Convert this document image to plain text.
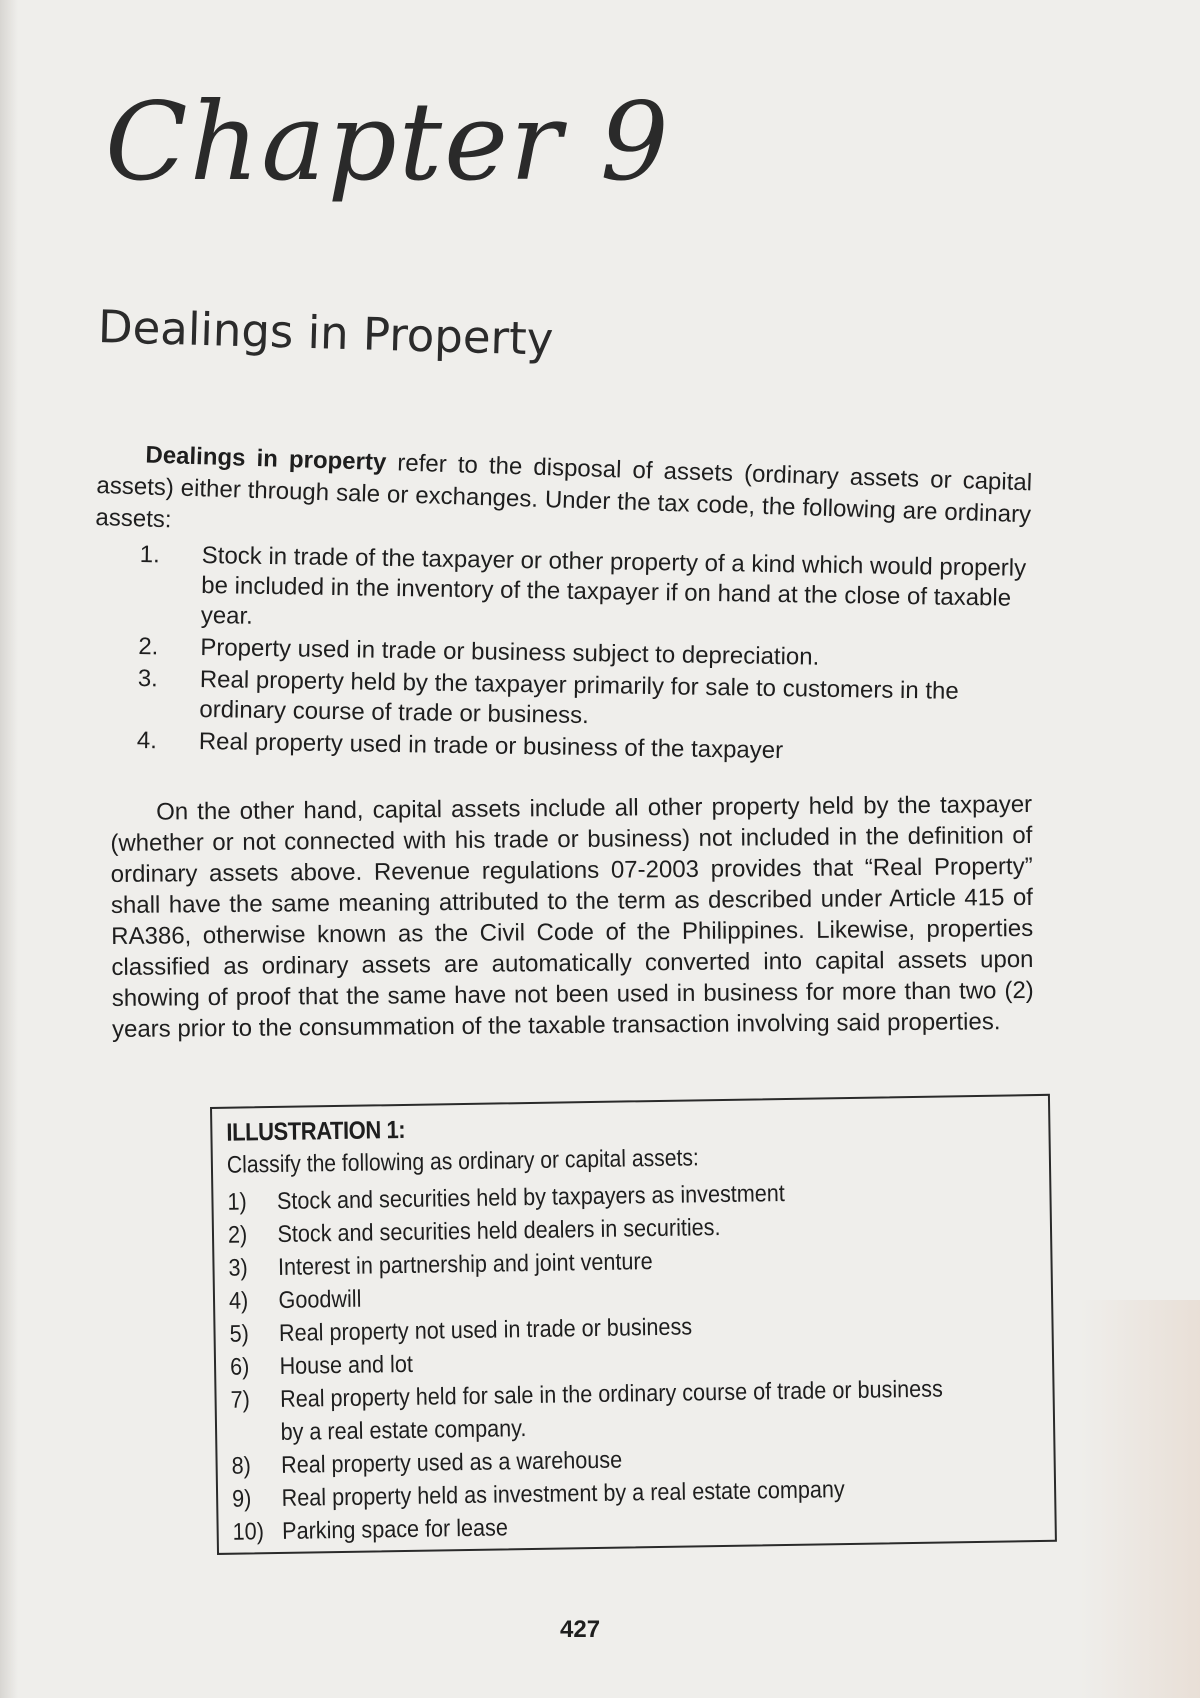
Chapter 9
Dealings in Property

Dealings in property refer to the disposal of assets (ordinary assets or capital assets) either through sale or exchanges. Under the tax code, the following are ordinary assets:

1.	Stock in trade of the taxpayer or other property of a kind which would properly be included in the inventory of the taxpayer if on hand at the close of taxable year.
2.	Property used in trade or business subject to depreciation.
3.	Real property held by the taxpayer primarily for sale to customers in the ordinary course of trade or business.
4.	Real property used in trade or business of the taxpayer

On the other hand, capital assets include all other property held by the taxpayer (whether or not connected with his trade or business) not included in the definition of ordinary assets above. Revenue regulations 07-2003 provides that “Real Property” shall have the same meaning attributed to the term as described under Article 415 of RA386, otherwise known as the Civil Code of the Philippines. Likewise, properties classified as ordinary assets are automatically converted into capital assets upon showing of proof that the same have not been used in business for more than two (2) years prior to the consummation of the taxable transaction involving said properties.

ILLUSTRATION 1:

Classify the following as ordinary or capital assets:

1)	Stock and securities held by taxpayers as investment
2)	Stock and securities held dealers in securities.
3)	Interest in partnership and joint venture
4)	Goodwill
5)	Real property not used in trade or business
6)	House and lot
7)	Real property held for sale in the ordinary course of trade or business by a real estate company.
8)	Real property used as a warehouse
9)	Real property held as investment by a real estate company
10) Parking space for lease

427
